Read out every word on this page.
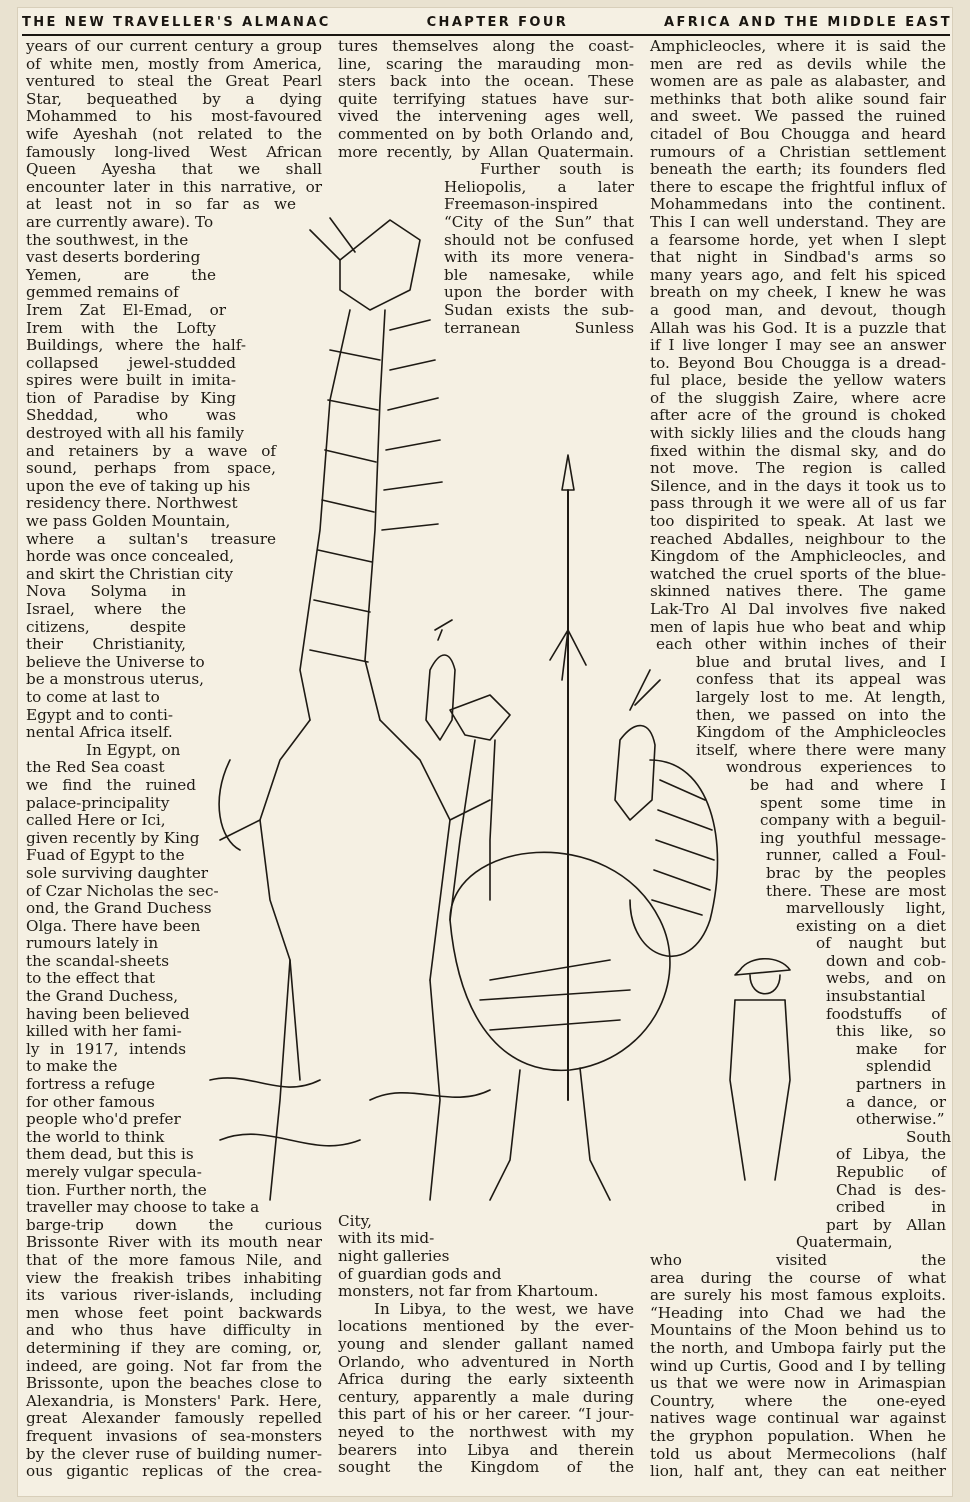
THE NEW TRAVELLER'S ALMANAC	CHAPTER FOUR	AFRICA AND THE MIDDLE EAST
years of our current century a group
of white men, mostly from America,
ventured to steal the Great Pearl
Star, bequeathed by a dying
Mohammed to his most-favoured
wife Ayeshah (not related to the
famously long-lived West African
Queen Ayesha that we shall
encounter later in this narrative, or
at least not in so far as we
are currently aware). To
the southwest, in the
vast deserts bordering
Yemen, are the
gemmed remains of
Irem Zat El-Emad, or
Irem with the Lofty
Buildings, where the half-
collapsed jewel-studded
spires were built in imita-
tion of Paradise by King
Sheddad, who was
destroyed with all his family
and retainers by a wave of
sound, perhaps from space,
upon the eve of taking up his
residency there. Northwest
we pass Golden Mountain,
where a sultan's treasure
horde was once concealed,
and skirt the Christian city
Nova Solyma in
Israel, where the
citizens, despite
their Christianity,
believe the Universe to
be a monstrous uterus,
to come at last to
Egypt and to conti-
nental Africa itself.
In Egypt, on
the Red Sea coast
we find the ruined
palace-principality
called Here or Ici,
given recently by King
Fuad of Egypt to the
sole surviving daughter
of Czar Nicholas the sec-
ond, the Grand Duchess
Olga. There have been
rumours lately in
the scandal-sheets
to the effect that
the Grand Duchess,
having been believed
killed with her fami-
ly in 1917, intends
to make the
fortress a refuge
for other famous
people who'd prefer
the world to think
them dead, but this is
merely vulgar specula-
tion. Further north, the
traveller may choose to take a
barge-trip down the curious
Brissonte River with its mouth near
that of the more famous Nile, and
view the freakish tribes inhabiting
its various river-islands, including
men whose feet point backwards
and who thus have difficulty in
determining if they are coming, or,
indeed, are going. Not far from the
Brissonte, upon the beaches close to
Alexandria, is Monsters' Park. Here,
great Alexander famously repelled
frequent invasions of sea-monsters
by the clever ruse of building numer-
ous gigantic replicas of the crea-
tures themselves along the coast-
line, scaring the marauding mon-
sters back into the ocean. These
quite terrifying statues have sur-
vived the intervening ages well,
commented on by both Orlando and,
more recently, by Allan Quatermain.
Further south is
Heliopolis, a later
Freemason-inspired
“City of the Sun” that
should not be confused
with its more venera-
ble namesake, while
upon the border with
Sudan exists the sub-
terranean Sunless
City,
with its mid-
night galleries
of guardian gods and
monsters, not far from Khartoum.
In Libya, to the west, we have
locations mentioned by the ever-
young and slender gallant named
Orlando, who adventured in North
Africa during the early sixteenth
century, apparently a male during
this part of his or her career. “I jour-
neyed to the northwest with my
bearers into Libya and therein
sought the Kingdom of the
Amphicleocles, where it is said the
men are red as devils while the
women are as pale as alabaster, and
methinks that both alike sound fair
and sweet. We passed the ruined
citadel of Bou Chougga and heard
rumours of a Christian settlement
beneath the earth; its founders fled
there to escape the frightful influx of
Mohammedans into the continent.
This I can well understand. They are
a fearsome horde, yet when I slept
that night in Sindbad's arms so
many years ago, and felt his spiced
breath on my cheek, I knew he was
a good man, and devout, though
Allah was his God. It is a puzzle that
if I live longer I may see an answer
to. Beyond Bou Chougga is a dread-
ful place, beside the yellow waters
of the sluggish Zaire, where acre
after acre of the ground is choked
with sickly lilies and the clouds hang
fixed within the dismal sky, and do
not move. The region is called
Silence, and in the days it took us to
pass through it we were all of us far
too dispirited to speak. At last we
reached Abdalles, neighbour to the
Kingdom of the Amphicleocles, and
watched the cruel sports of the blue-
skinned natives there. The game
Lak-Tro Al Dal involves five naked
men of lapis hue who beat and whip
each other within inches of their
blue and brutal lives, and I
confess that its appeal was
largely lost to me. At length,
then, we passed on into the
Kingdom of the Amphicleocles
itself, where there were many
wondrous experiences to
be had and where I
spent some time in
company with a beguil-
ing youthful message-
runner, called a Foul-
brac by the peoples
there. These are most
marvellously light,
existing on a diet
of naught but
down and cob-
webs, and on
insubstantial
foodstuffs of
this like, so
make for
splendid
partners in
a dance, or
otherwise.”
South
of Libya, the
Republic of
Chad is des-
cribed in
part by Allan
Quatermain,
who visited the
area during the course of what
are surely his most famous exploits.
“Heading into Chad we had the
Mountains of the Moon behind us to
the north, and Umbopa fairly put the
wind up Curtis, Good and I by telling
us that we were now in Arimaspian
Country, where the one-eyed
natives wage continual war against
the gryphon population. When he
told us about Mermecolions (half
lion, half ant, they can eat neither
